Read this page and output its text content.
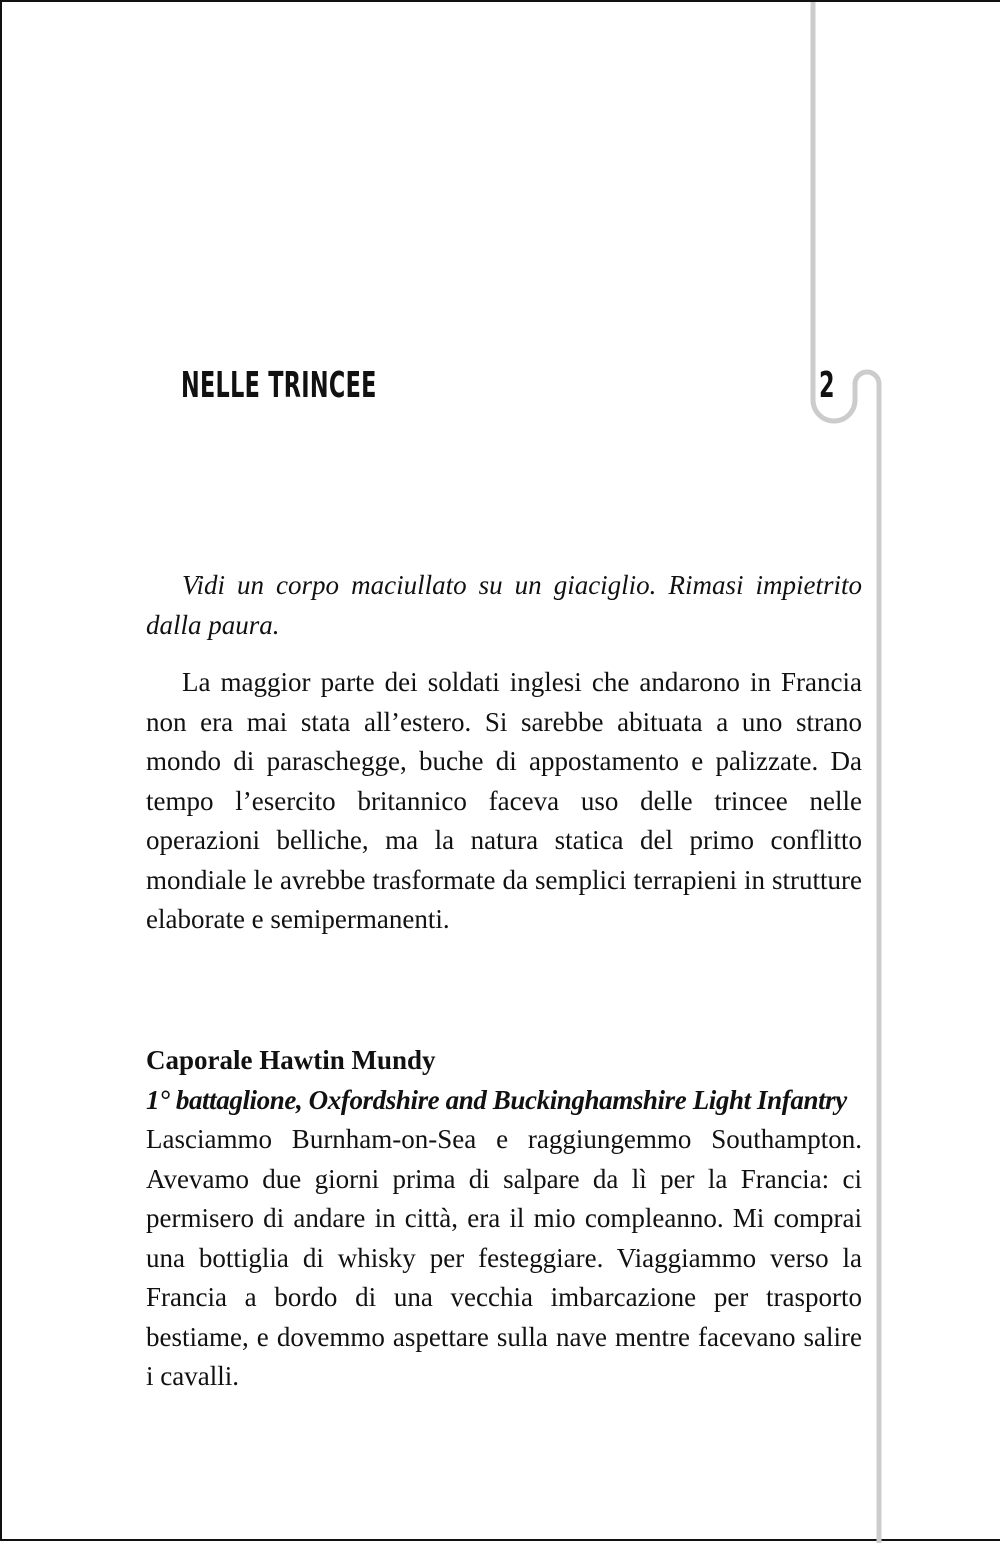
NELLE TRINCEE	2

Vidi un corpo maciullato su un giaciglio. Rimasi impietrito dalla paura.

La maggior parte dei soldati inglesi che andarono in Francia non era mai stata all’estero. Si sarebbe abituata a uno strano mondo di paraschegge, buche di appostamento e palizzate. Da tempo l’esercito britannico faceva uso delle trincee nelle operazioni belliche, ma la natura statica del primo conflitto mondiale le avrebbe trasformate da semplici terrapieni in strutture elaborate e semipermanenti.

Caporale Hawtin Mundy
1° battaglione, Oxfordshire and Buckinghamshire Light Infantry

Lasciammo Burnham-on-Sea e raggiungemmo Southampton. Avevamo due giorni prima di salpare da lì per la Francia: ci permisero di andare in città, era il mio compleanno. Mi comprai una bottiglia di whisky per festeggiare. Viaggiammo verso la Francia a bordo di una vecchia imbarcazione per trasporto bestiame, e dovemmo aspettare sulla nave mentre facevano salire i cavalli.
